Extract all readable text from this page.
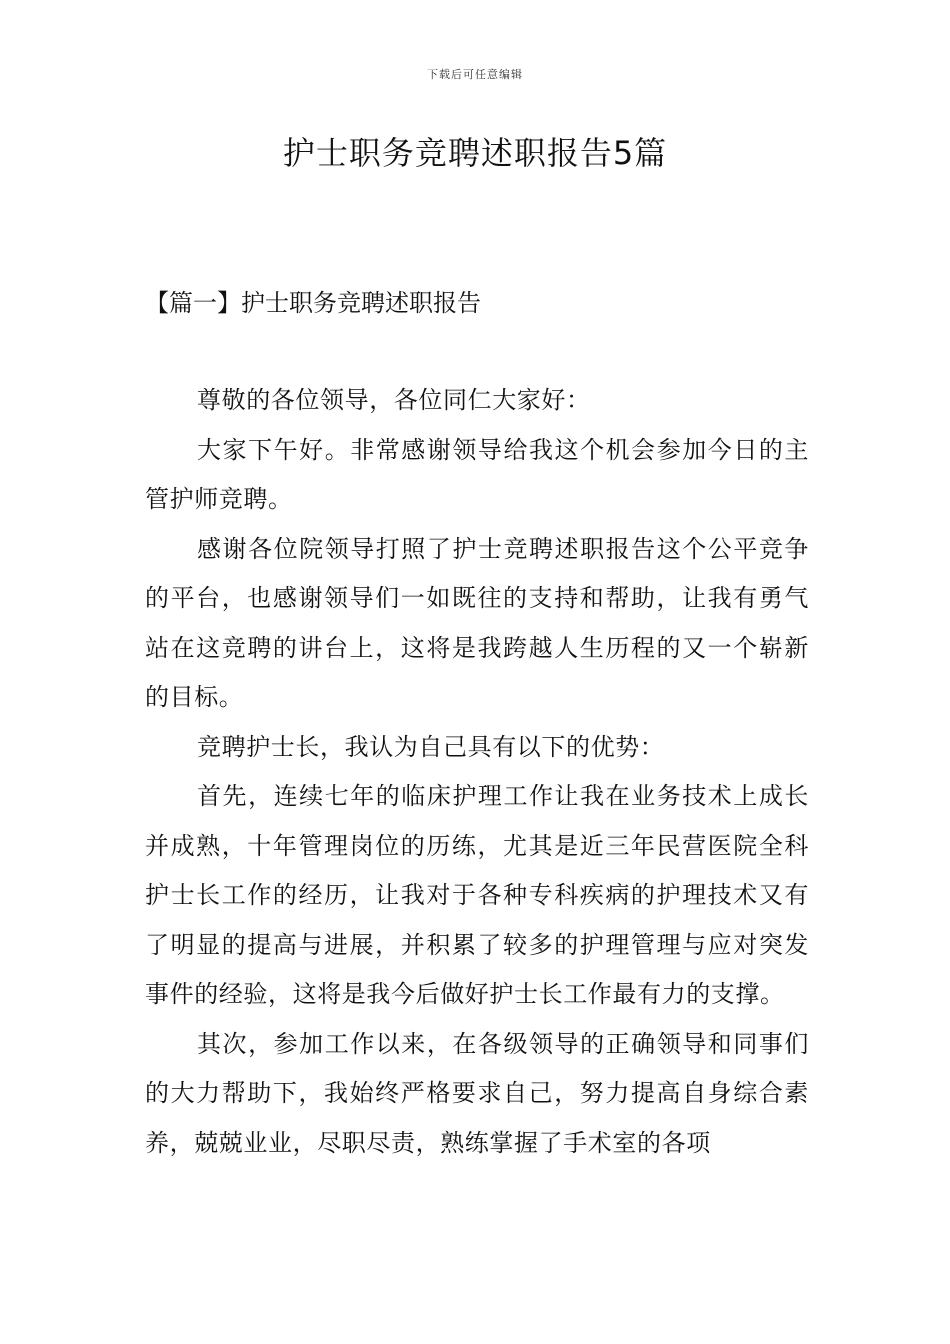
下载后可任意编辑
护士职务竞聘述职报告5篇
【篇一】护士职务竞聘述职报告

尊敬的各位领导，各位同仁大家好：

大家下午好。非常感谢领导给我这个机会参加今日的主管护师竞聘。

感谢各位院领导打照了护士竞聘述职报告这个公平竞争的平台，也感谢领导们一如既往的支持和帮助，让我有勇气站在这竞聘的讲台上，这将是我跨越人生历程的又一个崭新的目标。

竞聘护士长，我认为自己具有以下的优势：

首先，连续七年的临床护理工作让我在业务技术上成长并成熟，十年管理岗位的历练，尤其是近三年民营医院全科护士长工作的经历，让我对于各种专科疾病的护理技术又有了明显的提高与进展，并积累了较多的护理管理与应对突发事件的经验，这将是我今后做好护士长工作最有力的支撑。

其次，参加工作以来，在各级领导的正确领导和同事们的大力帮助下，我始终严格要求自己，努力提高自身综合素养，兢兢业业，尽职尽责，熟练掌握了手术室的各项
